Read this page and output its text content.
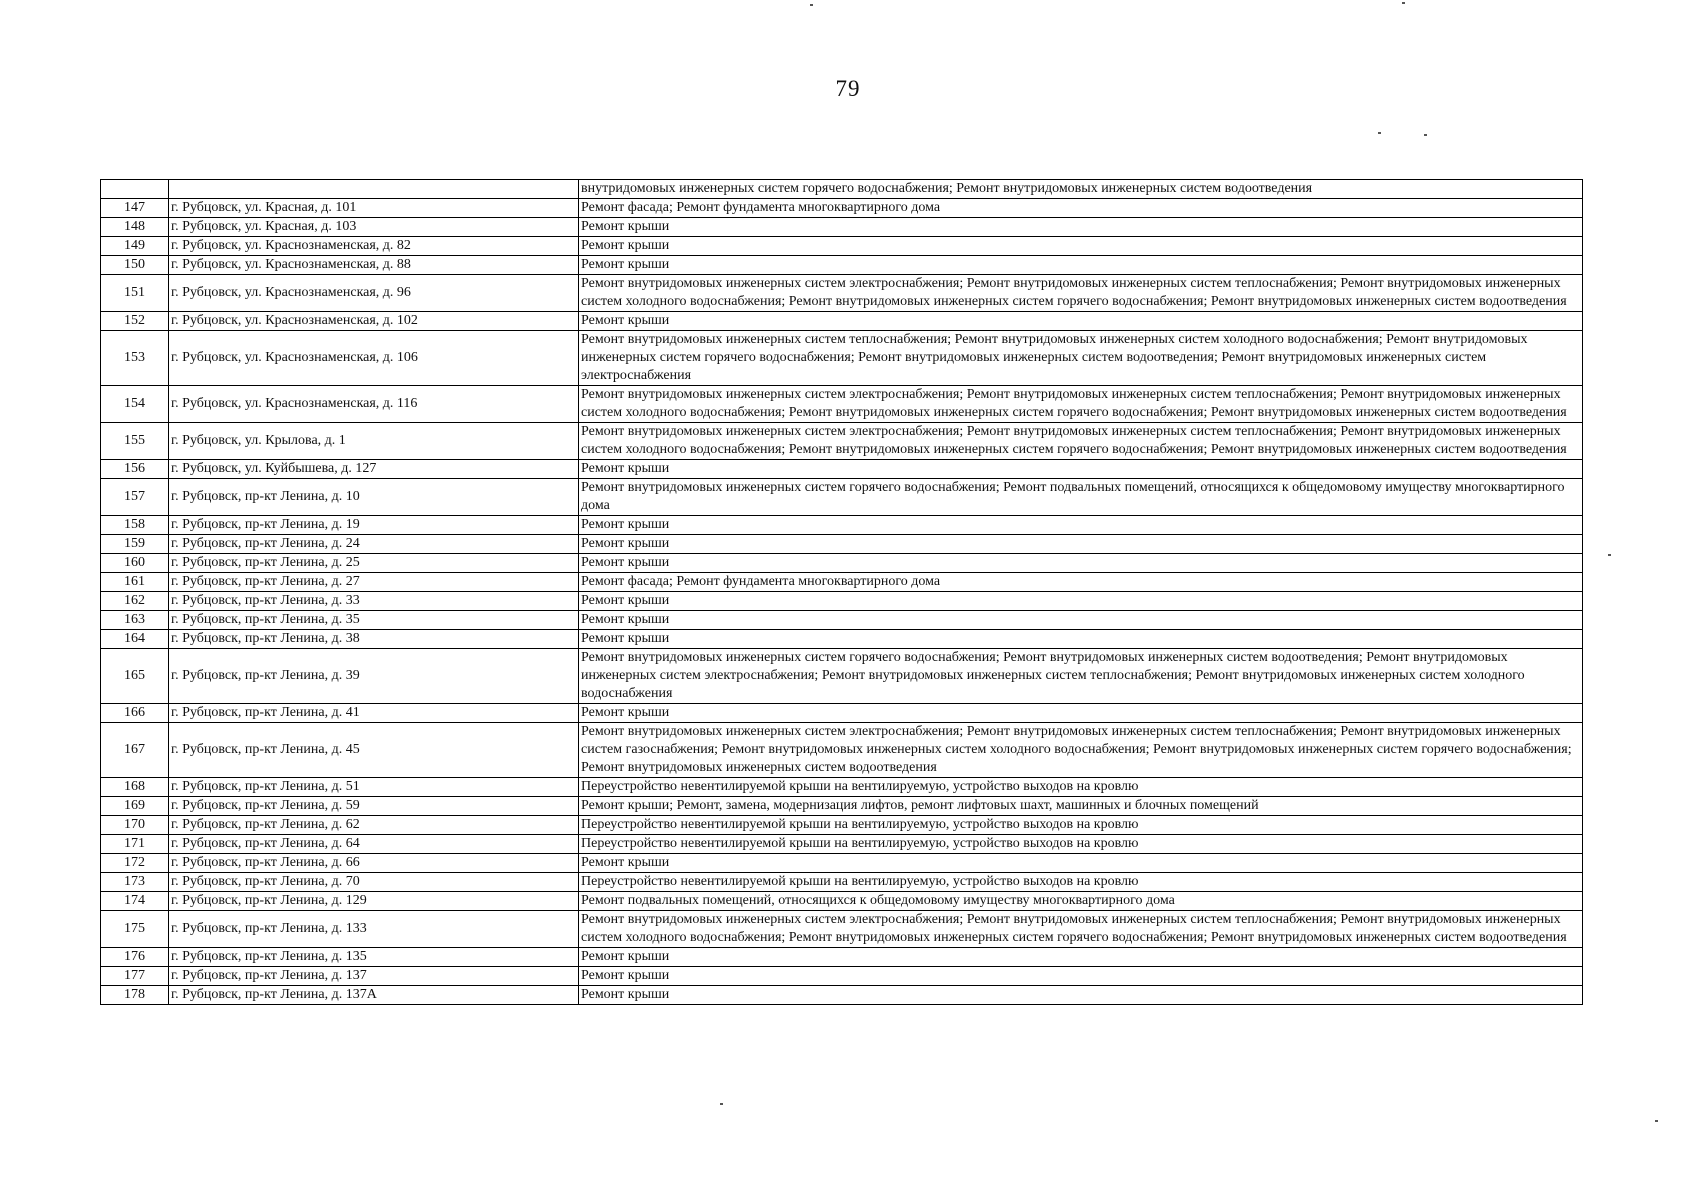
79
		внутридомовых инженерных систем горячего водоснабжения; Ремонт внутридомовых инженерных систем водоотведения
147	г. Рубцовск, ул. Красная, д. 101	Ремонт фасада; Ремонт фундамента многоквартирного дома
148	г. Рубцовск, ул. Красная, д. 103	Ремонт крыши
149	г. Рубцовск, ул. Краснознаменская, д. 82	Ремонт крыши
150	г. Рубцовск, ул. Краснознаменская, д. 88	Ремонт крыши
151	г. Рубцовск, ул. Краснознаменская, д. 96	Ремонт внутридомовых инженерных систем электроснабжения; Ремонт внутридомовых инженерных систем теплоснабжения; Ремонт внутридомовых инженерных систем холодного водоснабжения; Ремонт внутридомовых инженерных систем горячего водоснабжения; Ремонт внутридомовых инженерных систем водоотведения
152	г. Рубцовск, ул. Краснознаменская, д. 102	Ремонт крыши
153	г. Рубцовск, ул. Краснознаменская, д. 106	Ремонт внутридомовых инженерных систем теплоснабжения; Ремонт внутридомовых инженерных систем холодного водоснабжения; Ремонт внутридомовых инженерных систем горячего водоснабжения; Ремонт внутридомовых инженерных систем водоотведения; Ремонт внутридомовых инженерных систем электроснабжения
154	г. Рубцовск, ул. Краснознаменская, д. 116	Ремонт внутридомовых инженерных систем электроснабжения; Ремонт внутридомовых инженерных систем теплоснабжения; Ремонт внутридомовых инженерных систем холодного водоснабжения; Ремонт внутридомовых инженерных систем горячего водоснабжения; Ремонт внутридомовых инженерных систем водоотведения
155	г. Рубцовск, ул. Крылова, д. 1	Ремонт внутридомовых инженерных систем электроснабжения; Ремонт внутридомовых инженерных систем теплоснабжения; Ремонт внутридомовых инженерных систем холодного водоснабжения; Ремонт внутридомовых инженерных систем горячего водоснабжения; Ремонт внутридомовых инженерных систем водоотведения
156	г. Рубцовск, ул. Куйбышева, д. 127	Ремонт крыши
157	г. Рубцовск, пр-кт Ленина, д. 10	Ремонт внутридомовых инженерных систем горячего водоснабжения; Ремонт подвальных помещений, относящихся к общедомовому имуществу многоквартирного дома
158	г. Рубцовск, пр-кт Ленина, д. 19	Ремонт крыши
159	г. Рубцовск, пр-кт Ленина, д. 24	Ремонт крыши
160	г. Рубцовск, пр-кт Ленина, д. 25	Ремонт крыши
161	г. Рубцовск, пр-кт Ленина, д. 27	Ремонт фасада; Ремонт фундамента многоквартирного дома
162	г. Рубцовск, пр-кт Ленина, д. 33	Ремонт крыши
163	г. Рубцовск, пр-кт Ленина, д. 35	Ремонт крыши
164	г. Рубцовск, пр-кт Ленина, д. 38	Ремонт крыши
165	г. Рубцовск, пр-кт Ленина, д. 39	Ремонт внутридомовых инженерных систем горячего водоснабжения; Ремонт внутридомовых инженерных систем водоотведения; Ремонт внутридомовых инженерных систем электроснабжения; Ремонт внутридомовых инженерных систем теплоснабжения; Ремонт внутридомовых инженерных систем холодного водоснабжения
166	г. Рубцовск, пр-кт Ленина, д. 41	Ремонт крыши
167	г. Рубцовск, пр-кт Ленина, д. 45	Ремонт внутридомовых инженерных систем электроснабжения; Ремонт внутридомовых инженерных систем теплоснабжения; Ремонт внутридомовых инженерных систем газоснабжения; Ремонт внутридомовых инженерных систем холодного водоснабжения; Ремонт внутридомовых инженерных систем горячего водоснабжения; Ремонт внутридомовых инженерных систем водоотведения
168	г. Рубцовск, пр-кт Ленина, д. 51	Переустройство невентилируемой крыши на вентилируемую, устройство выходов на кровлю
169	г. Рубцовск, пр-кт Ленина, д. 59	Ремонт крыши; Ремонт, замена, модернизация лифтов, ремонт лифтовых шахт, машинных и блочных помещений
170	г. Рубцовск, пр-кт Ленина, д. 62	Переустройство невентилируемой крыши на вентилируемую, устройство выходов на кровлю
171	г. Рубцовск, пр-кт Ленина, д. 64	Переустройство невентилируемой крыши на вентилируемую, устройство выходов на кровлю
172	г. Рубцовск, пр-кт Ленина, д. 66	Ремонт крыши
173	г. Рубцовск, пр-кт Ленина, д. 70	Переустройство невентилируемой крыши на вентилируемую, устройство выходов на кровлю
174	г. Рубцовск, пр-кт Ленина, д. 129	Ремонт подвальных помещений, относящихся к общедомовому имуществу многоквартирного дома
175	г. Рубцовск, пр-кт Ленина, д. 133	Ремонт внутридомовых инженерных систем электроснабжения; Ремонт внутридомовых инженерных систем теплоснабжения; Ремонт внутридомовых инженерных систем холодного водоснабжения; Ремонт внутридомовых инженерных систем горячего водоснабжения; Ремонт внутридомовых инженерных систем водоотведения
176	г. Рубцовск, пр-кт Ленина, д. 135	Ремонт крыши
177	г. Рубцовск, пр-кт Ленина, д. 137	Ремонт крыши
178	г. Рубцовск, пр-кт Ленина, д. 137А	Ремонт крыши
